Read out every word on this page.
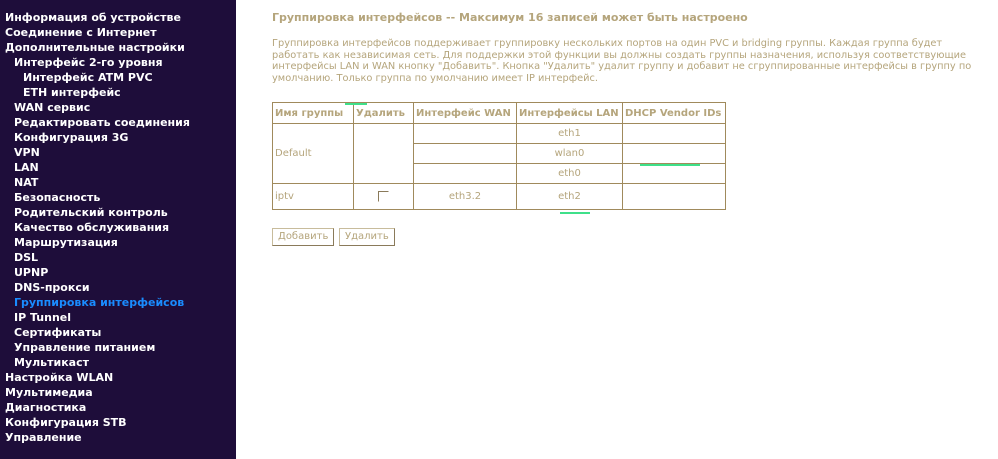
Информация об устройстве
Соединение с Интернет
Дополнительные настройки
Интерфейс 2-го уровня
Интерфейс ATM PVC
ETH интерфейс
WAN сервис
Редактировать соединения
Конфигурация 3G
VPN
LAN
NAT
Безопасность
Родительский контроль
Качество обслуживания
Маршрутизация
DSL
UPNP
DNS-прокси
Группировка интерфейсов
IP Tunnel
Сертификаты
Управление питанием
Мультикаст
Настройка WLAN
Мультимедиа
Диагностика
Конфигурация STB
Управление
Группировка интерфейсов -- Максимум 16 записей может быть настроено
Группировка интерфейсов поддерживает группировку нескольких портов на один PVC и bridging группы. Каждая группа будет работать как независимая сеть. Для поддержки этой функции вы должны создать группы назначения, используя соответствующие интерфейсы LAN и WAN кнопку "Добавить". Кнопка "Удалить" удалит группу и добавит не сгруппированные интерфейсы в группу по умолчанию. Только группа по умолчанию имеет IP интерфейс.
Имя группы	Удалить	Интерфейс WAN	Интерфейсы LAN	DHCP Vendor IDs
Default			eth1	
			wlan0	
			eth0	
iptv		eth3.2	eth2	
Добавить	Удалить
